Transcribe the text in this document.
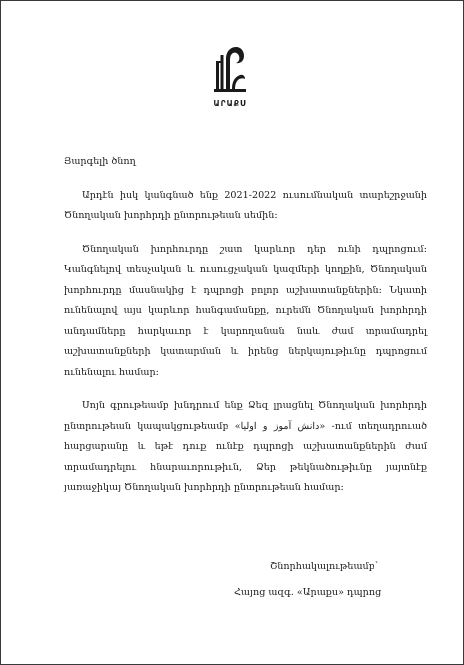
ԱՐԱՔՍ

Յարգելի ծնող

Արդէն իսկ կանգնած ենք 2021-2022 ուսումնական տարեշրջանի Ծնողական խորհրդի ընտրութեան սեմին։

Ծնողական խորհուրդը շատ կարևոր դեր ունի դպրոցում։ Կանգնելով տեսչական և ուսուցչական կազմերի կողքին, Ծնողական խորհուրդը մասնակից է դպրոցի բոլոր աշխատանքներին։ Նկատի ունենալով այս կարևոր հանգամանքը, ուրեմն Ծնողական խորհրդի անդամները հարկաւոր է կարողանան նաև ժամ տրամադրել աշխատանքների կատարման և իրենց ներկայութիւնը դպրոցում ունենալու համար։

Սոյն գրութեամբ խնդրում ենք Ձեզ լրացնել Ծնողական խորհրդի ընտրութեան կապակցութեամբ «دانش آموز و اولیا» -ում տեղադրուած հարցարանը և եթէ դուք ունէք դպրոցի աշխատանքներին ժամ տրամադրելու հնարաւորութիւն, Ձեր թեկնածութիւնը յայտնէք յառաջիկայ Ծնողական խորհրդի ընտրութեան համար։

Շնորհակալութեամբ՝
Հայոց ազգ. «Արաքս» դպրոց
